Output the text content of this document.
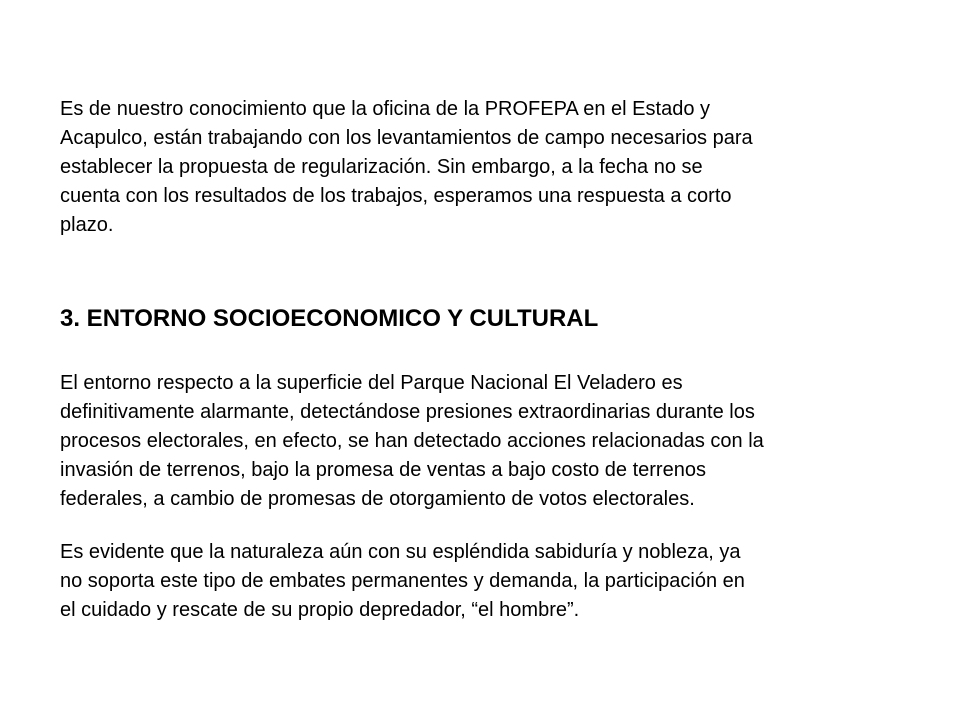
Es de nuestro conocimiento que la oficina de la PROFEPA en el Estado y
Acapulco, están trabajando con los levantamientos de campo necesarios para
establecer la propuesta de regularización. Sin embargo, a la fecha no se
cuenta con los resultados de los trabajos, esperamos una respuesta a corto
plazo.
3. ENTORNO SOCIOECONOMICO Y CULTURAL
El entorno respecto a la superficie del Parque Nacional El Veladero es
definitivamente alarmante, detectándose presiones extraordinarias durante los
procesos electorales, en efecto, se han detectado acciones relacionadas con la
invasión de terrenos, bajo la promesa de ventas a bajo costo de terrenos
federales, a cambio de promesas de otorgamiento de votos electorales.
Es evidente que la naturaleza aún con su espléndida sabiduría y nobleza, ya
no soporta este tipo de embates permanentes y demanda, la participación en
el cuidado y rescate de su propio depredador, “el hombre”.
